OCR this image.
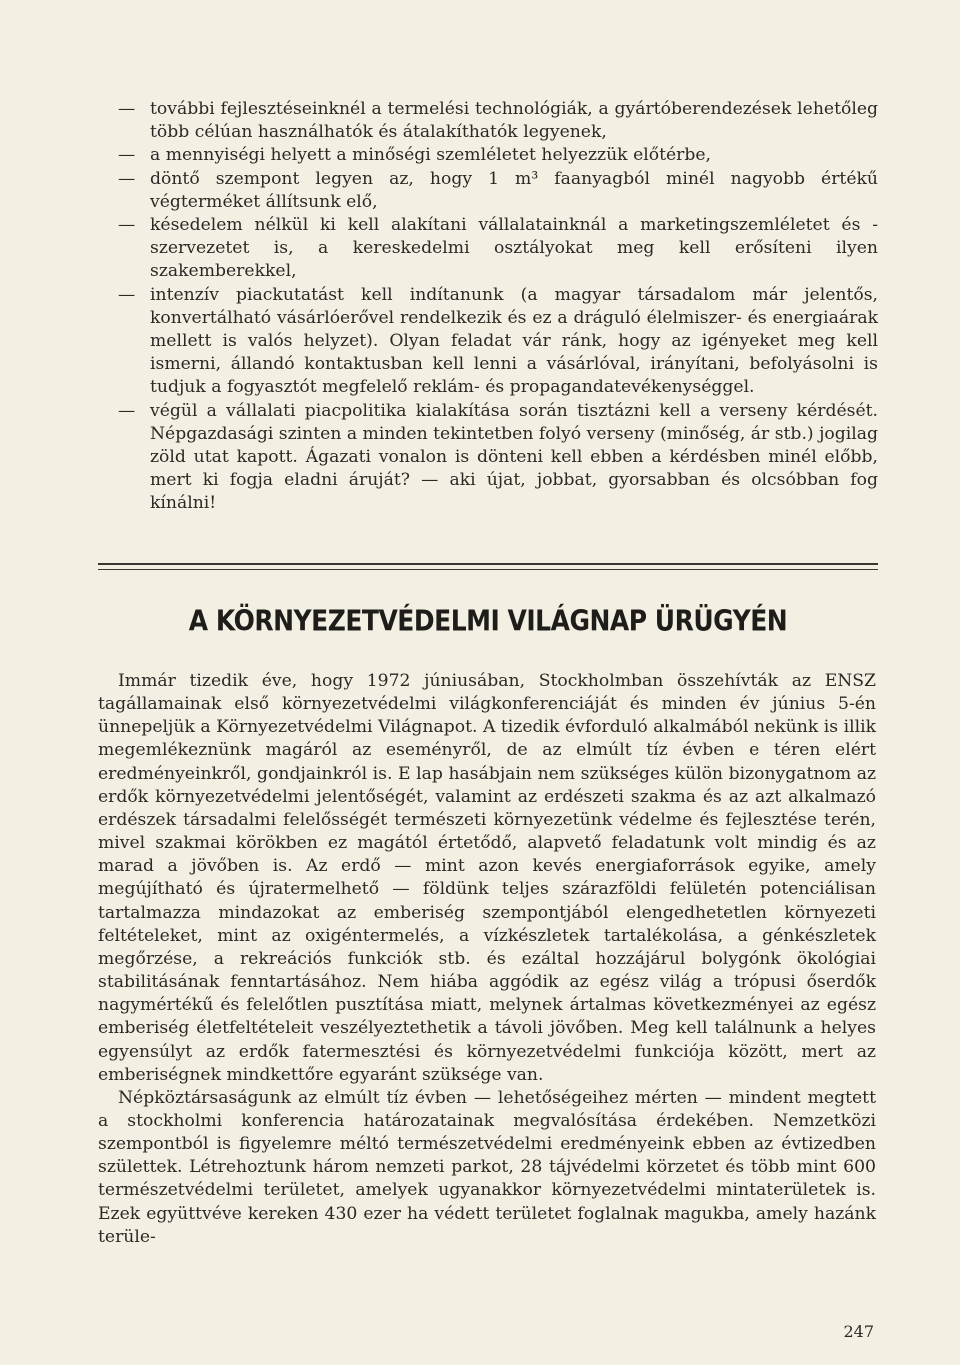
— további fejlesztéseinknél a termelési technológiák, a gyártóberendezések lehetőleg több célúan használhatók és átalakíthatók legyenek,

— a mennyiségi helyett a minőségi szemléletet helyezzük előtérbe,

— döntő szempont legyen az, hogy 1 m³ faanyagból minél nagyobb értékű végterméket állítsunk elő,

— késedelem nélkül ki kell alakítani vállalatainknál a marketingszemléletet és -szervezetet is, a kereskedelmi osztályokat meg kell erősíteni ilyen szakemberekkel,

— intenzív piackutatást kell indítanunk (a magyar társadalom már jelentős, konvertálható vásárlóerővel rendelkezik és ez a dráguló élelmiszer- és energiaárak mellett is valós helyzet). Olyan feladat vár ránk, hogy az igényeket meg kell ismerni, állandó kontaktusban kell lenni a vásárlóval, irányítani, befolyásolni is tudjuk a fogyasztót megfelelő reklám- és propagandatevékenységgel.

— végül a vállalati piacpolitika kialakítása során tisztázni kell a verseny kérdését. Népgazdasági szinten a minden tekintetben folyó verseny (minőség, ár stb.) jogilag zöld utat kapott. Ágazati vonalon is dönteni kell ebben a kérdésben minél előbb, mert ki fogja eladni áruját? — aki újat, jobbat, gyorsabban és olcsóbban fog kínálni!

A KÖRNYEZETVÉDELMI VILÁGNAP ÜRÜGYÉN

Immár tizedik éve, hogy 1972 júniusában, Stockholmban összehívták az ENSZ tagállamainak első környezetvédelmi világkonferenciáját és minden év június 5-én ünnepeljük a Környezetvédelmi Világnapot. A tizedik évforduló alkalmából nekünk is illik megemlékeznünk magáról az eseményről, de az elmúlt tíz évben e téren elért eredményeinkről, gondjainkról is. E lap hasábjain nem szükséges külön bizonygatnom az erdők környezetvédelmi jelentőségét, valamint az erdészeti szakma és az azt alkalmazó erdészek társadalmi felelősségét természeti környezetünk védelme és fejlesztése terén, mivel szakmai körökben ez magától értetődő, alapvető feladatunk volt mindig és az marad a jövőben is. Az erdő — mint azon kevés energiaforrások egyike, amely megújítható és újratermelhető — földünk teljes szárazföldi felületén potenciálisan tartalmazza mindazokat az emberiség szempontjából elengedhetetlen környezeti feltételeket, mint az oxigéntermelés, a vízkészletek tartalékolása, a génkészletek megőrzése, a rekreációs funkciók stb. és ezáltal hozzájárul bolygónk ökológiai stabilitásának fenntartásához. Nem hiába aggódik az egész világ a trópusi őserdők nagymértékű és felelőtlen pusztítása miatt, melynek ártalmas következményei az egész emberiség életfeltételeit veszélyeztethetik a távoli jövőben. Meg kell találnunk a helyes egyensúlyt az erdők fatermesztési és környezetvédelmi funkciója között, mert az emberiségnek mindkettőre egyaránt szüksége van.

Népköztársaságunk az elmúlt tíz évben — lehetőségeihez mérten — mindent megtett a stockholmi konferencia határozatainak megvalósítása érdekében. Nemzetközi szempontból is figyelemre méltó természetvédelmi eredményeink ebben az évtizedben születtek. Létrehoztunk három nemzeti parkot, 28 tájvédelmi körzetet és több mint 600 természetvédelmi területet, amelyek ugyanakkor környezetvédelmi mintaterületek is. Ezek együttvéve kereken 430 ezer ha védett területet foglalnak magukba, amely hazánk terüle-

247
